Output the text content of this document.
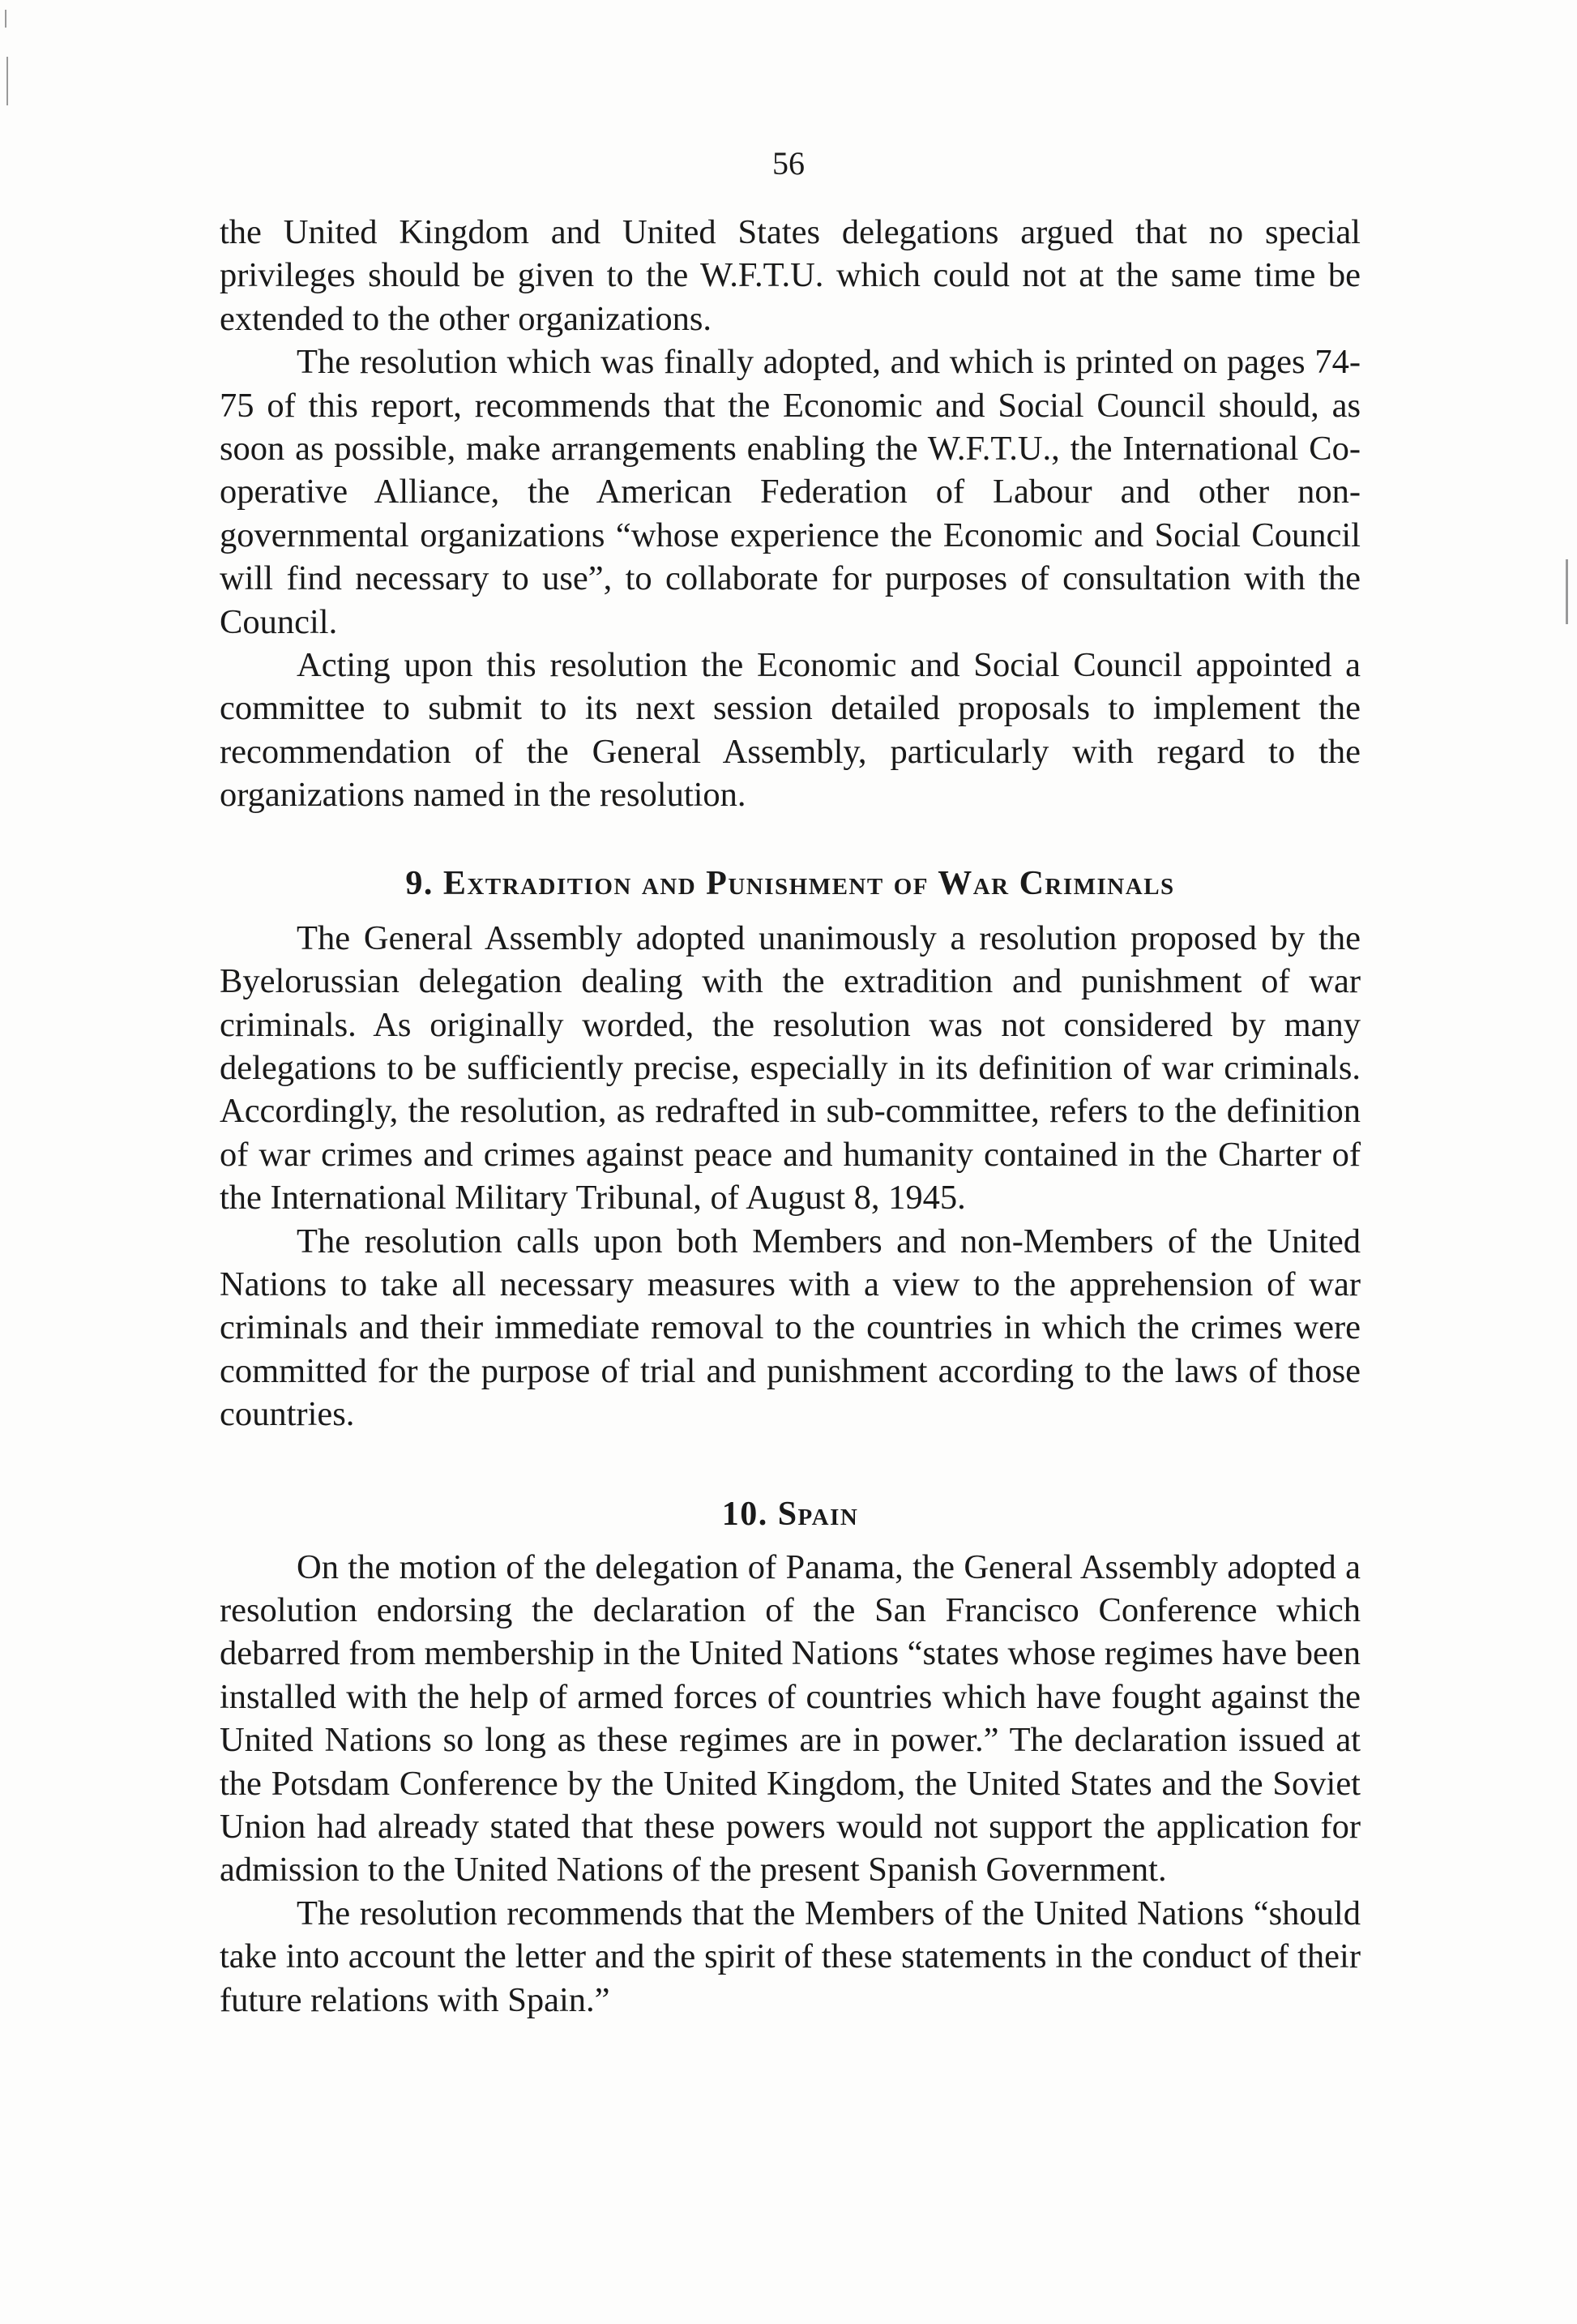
56

the United Kingdom and United States delegations argued that no special privileges should be given to the W.F.T.U. which could not at the same time be extended to the other organizations.

The resolution which was finally adopted, and which is printed on pages 74-75 of this report, recommends that the Economic and Social Council should, as soon as possible, make arrangements enabling the W.F.T.U., the International Co-operative Alliance, the American Federation of Labour and other non-governmental organizations “whose experience the Economic and Social Council will find necessary to use”, to collaborate for purposes of consultation with the Council.

Acting upon this resolution the Economic and Social Council appointed a committee to submit to its next session detailed proposals to implement the recommendation of the General Assembly, particularly with regard to the organizations named in the resolution.

9. Extradition and Punishment of War Criminals

The General Assembly adopted unanimously a resolution proposed by the Byelorussian delegation dealing with the extradition and punishment of war criminals. As originally worded, the resolution was not considered by many delegations to be sufficiently precise, especially in its definition of war criminals. Accordingly, the resolution, as redrafted in sub-committee, refers to the definition of war crimes and crimes against peace and humanity contained in the Charter of the International Military Tribunal, of August 8, 1945.

The resolution calls upon both Members and non-Members of the United Nations to take all necessary measures with a view to the apprehension of war criminals and their immediate removal to the countries in which the crimes were committed for the purpose of trial and punishment according to the laws of those countries.

10. Spain

On the motion of the delegation of Panama, the General Assembly adopted a resolution endorsing the declaration of the San Francisco Conference which debarred from membership in the United Nations “states whose regimes have been installed with the help of armed forces of countries which have fought against the United Nations so long as these regimes are in power.” The declaration issued at the Potsdam Conference by the United Kingdom, the United States and the Soviet Union had already stated that these powers would not support the application for admission to the United Nations of the present Spanish Government.

The resolution recommends that the Members of the United Nations “should take into account the letter and the spirit of these statements in the conduct of their future relations with Spain.”
